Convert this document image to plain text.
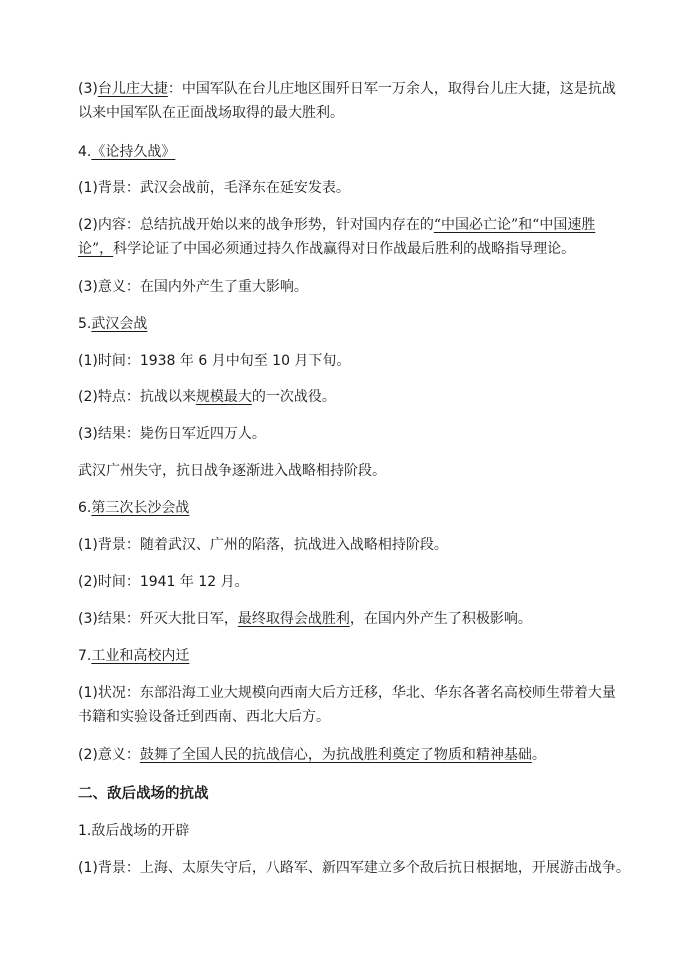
(3)台儿庄大捷：中国军队在台儿庄地区围歼日军一万余人，取得台儿庄大捷，这是抗战

以来中国军队在正面战场取得的最大胜利。

4.《论持久战》

(1)背景：武汉会战前，毛泽东在延安发表。

(2)内容：总结抗战开始以来的战争形势，针对国内存在的“中国必亡论”和“中国速胜

论”，科学论证了中国必须通过持久作战赢得对日作战最后胜利的战略指导理论。

(3)意义：在国内外产生了重大影响。

5.武汉会战

(1)时间：1938 年 6 月中旬至 10 月下旬。

(2)特点：抗战以来规模最大的一次战役。

(3)结果：毙伤日军近四万人。

武汉广州失守，抗日战争逐渐进入战略相持阶段。

6.第三次长沙会战

(1)背景：随着武汉、广州的陷落，抗战进入战略相持阶段。

(2)时间：1941 年 12 月。

(3)结果：歼灭大批日军，最终取得会战胜利，在国内外产生了积极影响。

7.工业和高校内迁

(1)状况：东部沿海工业大规模向西南大后方迁移，华北、华东各著名高校师生带着大量

书籍和实验设备迁到西南、西北大后方。

(2)意义：鼓舞了全国人民的抗战信心，为抗战胜利奠定了物质和精神基础。

二、敌后战场的抗战

1.敌后战场的开辟

(1)背景：上海、太原失守后，八路军、新四军建立多个敌后抗日根据地，开展游击战争。
